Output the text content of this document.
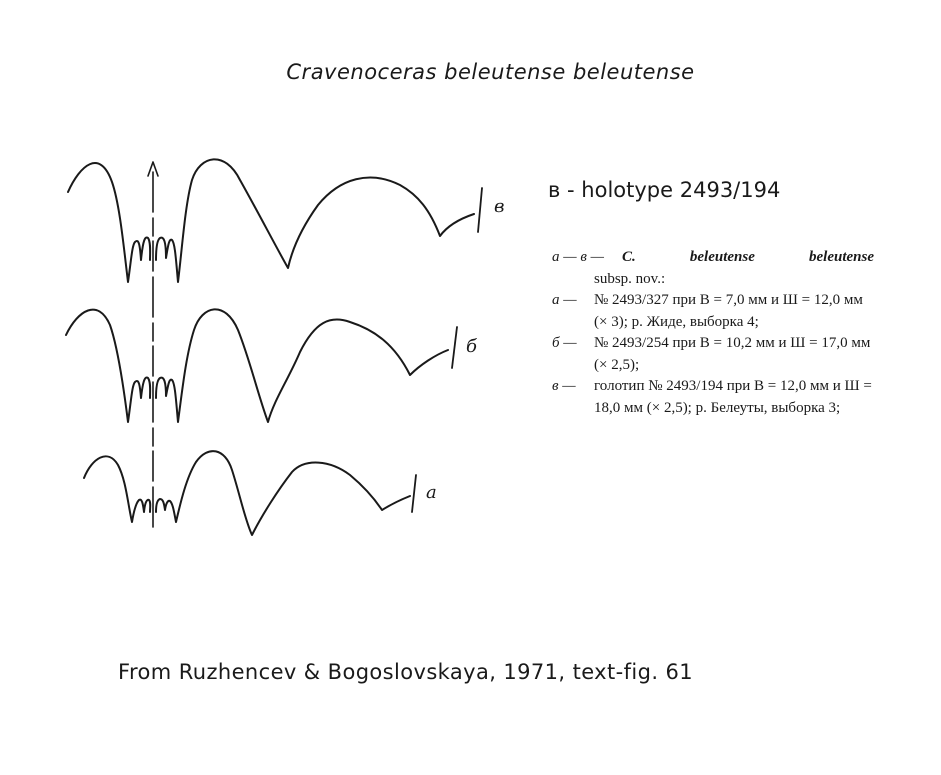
Cravenoceras beleutense beleutense
в
б
а
в - holotype 2493/194
а — в —	C. beleutense beleutense
subsp. nov.:
а — № 2493/327 при В = 7,0 мм и Ш = 12,0 мм (× 3); р. Жиде, выборка 4;
б — № 2493/254 при В = 10,2 мм и Ш = 17,0 мм (× 2,5);
в — голотип № 2493/194 при В = 12,0 мм и Ш = 18,0 мм (× 2,5); р. Белеуты, выборка 3;
From Ruzhencev & Bogoslovskaya, 1971, text-fig. 61
